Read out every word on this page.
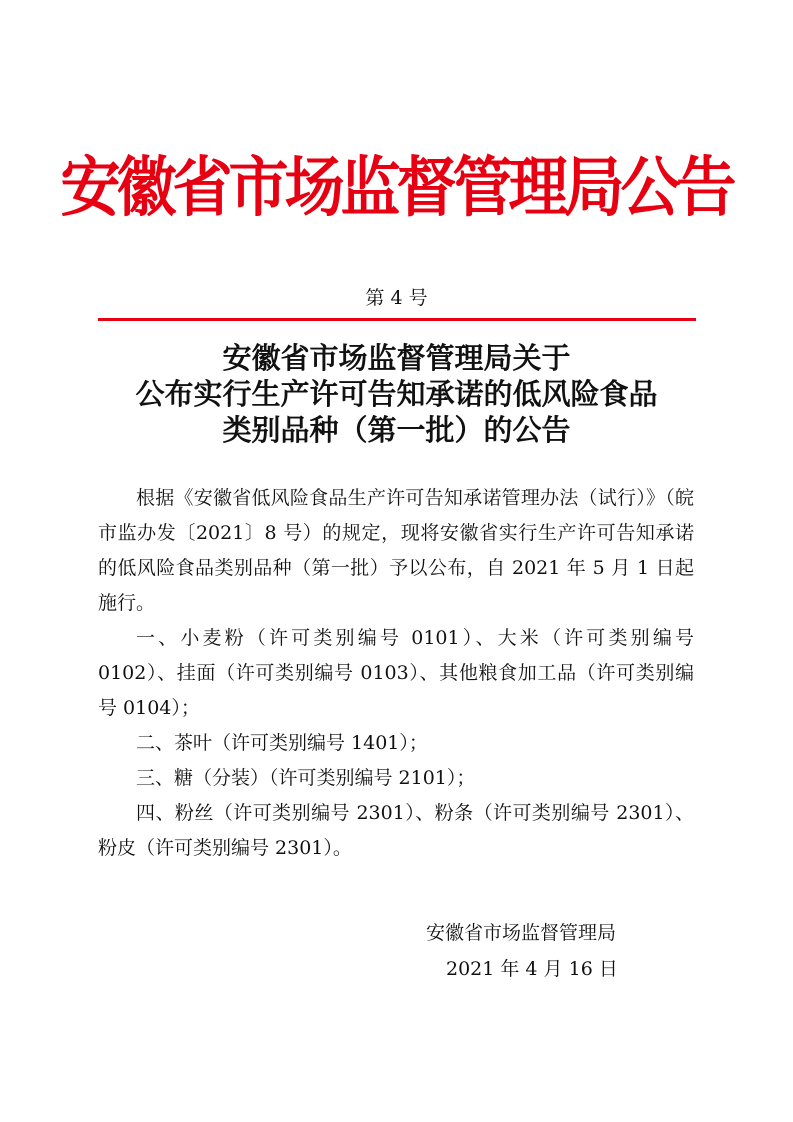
安徽省市场监督管理局公告
第 4 号
安徽省市场监督管理局关于
公布实行生产许可告知承诺的低风险食品
类别品种（第一批）的公告

根据《安徽省低风险食品生产许可告知承诺管理办法（试行）》（皖市监办发〔2021〕8 号）的规定，现将安徽省实行生产许可告知承诺的低风险食品类别品种（第一批）予以公布，自 2021 年 5 月 1 日起施行。

一、小麦粉（许可类别编号 0101）、大米（许可类别编号 0102）、挂面（许可类别编号 0103）、其他粮食加工品（许可类别编号 0104）；

二、茶叶（许可类别编号 1401）；

三、糖（分装）（许可类别编号 2101）；

四、粉丝（许可类别编号 2301）、粉条（许可类别编号 2301）、粉皮（许可类别编号 2301）。

安徽省市场监督管理局
2021 年 4 月 16 日
